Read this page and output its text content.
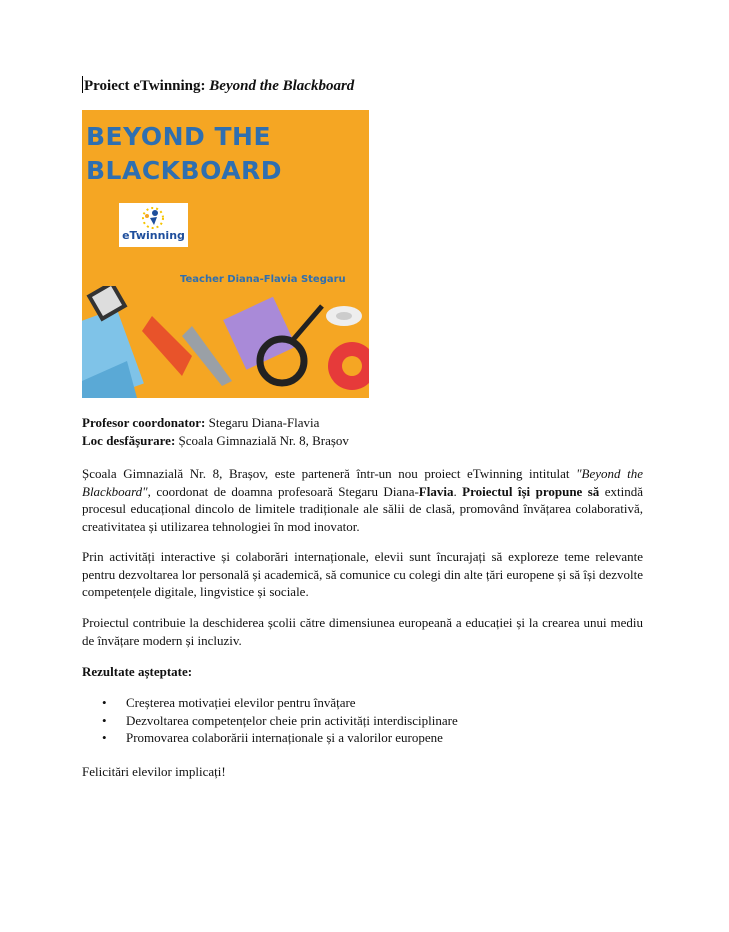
Proiect eTwinning: Beyond the Blackboard
BEYOND THE
BLACKBOARD
eTwinning
Teacher Diana-Flavia Stegaru
Profesor coordonator: Stegaru Diana-Flavia
Loc desfășurare: Școala Gimnazială Nr. 8, Brașov
Școala Gimnazială Nr. 8, Brașov, este parteneră într-un nou proiect eTwinning intitulat "Beyond the Blackboard", coordonat de doamna profesoară Stegaru Diana-Flavia. Proiectul își propune să extindă procesul educațional dincolo de limitele tradiționale ale sălii de clasă, promovând învățarea colaborativă, creativitatea și utilizarea tehnologiei în mod inovator.
Prin activități interactive și colaborări internaționale, elevii sunt încurajați să exploreze teme relevante pentru dezvoltarea lor personală și academică, să comunice cu colegi din alte țări europene și să își dezvolte competențele digitale, lingvistice și sociale.
Proiectul contribuie la deschiderea școlii către dimensiunea europeană a educației și la crearea unui mediu de învățare modern și incluziv.
Rezultate așteptate:
• Creșterea motivației elevilor pentru învățare
• Dezvoltarea competențelor cheie prin activități interdisciplinare
• Promovarea colaborării internaționale și a valorilor europene
Felicitări elevilor implicați!
